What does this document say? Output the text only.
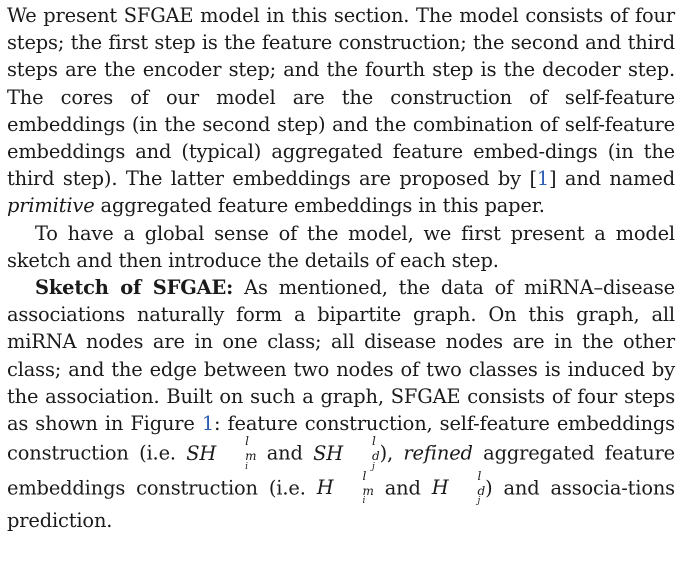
We present SFGAE model in this section. The model consists of four steps; the first step is the feature construction; the second and third steps are the encoder step; and the fourth step is the decoder step. The cores of our model are the construction of self-feature embeddings (in the second step) and the combination of self-feature embeddings and (typical) aggregated feature embed-dings (in the third step). The latter embeddings are proposed by [1] and named primitive aggregated feature embeddings in this paper.

To have a global sense of the model, we first present a model sketch and then introduce the details of each step.

Sketch of SFGAE: As mentioned, the data of miRNA–disease associations naturally form a bipartite graph. On this graph, all miRNA nodes are in one class; all disease nodes are in the other class; and the edge between two nodes of two classes is induced by the association. Built on such a graph, SFGAE consists of four steps as shown in Figure 1: feature construction, self-feature embeddings construction (i.e. SH
l
m
i
and SH
l
d
j
), refined aggregated feature embeddings construction (i.e. H
l
m
i
and H
l
d
j
) and associa-tions prediction.
